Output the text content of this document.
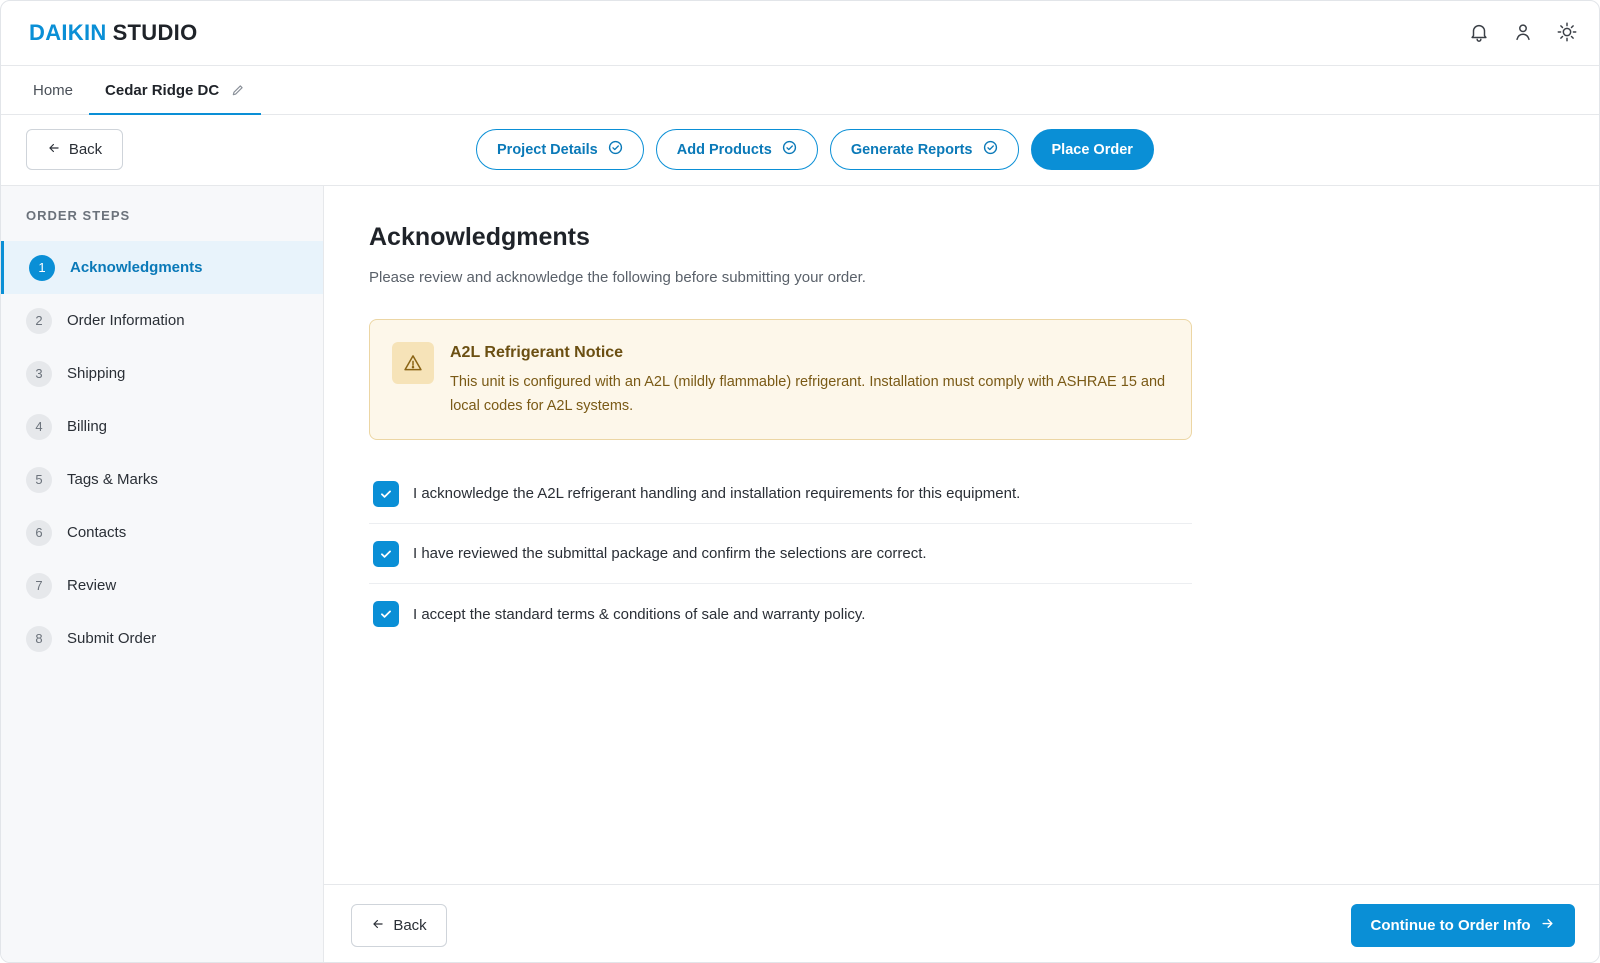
DAIKIN STUDIO
Home Cedar Ridge DC
Back	Project Details	Add Products	Generate Reports	Place Order
ORDER STEPS
1	Acknowledgments
2	Order Information
3	Shipping
4	Billing
5	Tags & Marks
6	Contacts
7	Review
8	Submit Order
Acknowledgments

Please review and acknowledge the following before submitting your order.

A2L Refrigerant Notice
This unit is configured with an A2L (mildly flammable) refrigerant. Installation must comply with ASHRAE 15 and local codes for A2L systems.
I acknowledge the A2L refrigerant handling and installation requirements for this equipment.
I have reviewed the submittal package and confirm the selections are correct.
I accept the standard terms & conditions of sale and warranty policy.
Back	Continue to Order Info
